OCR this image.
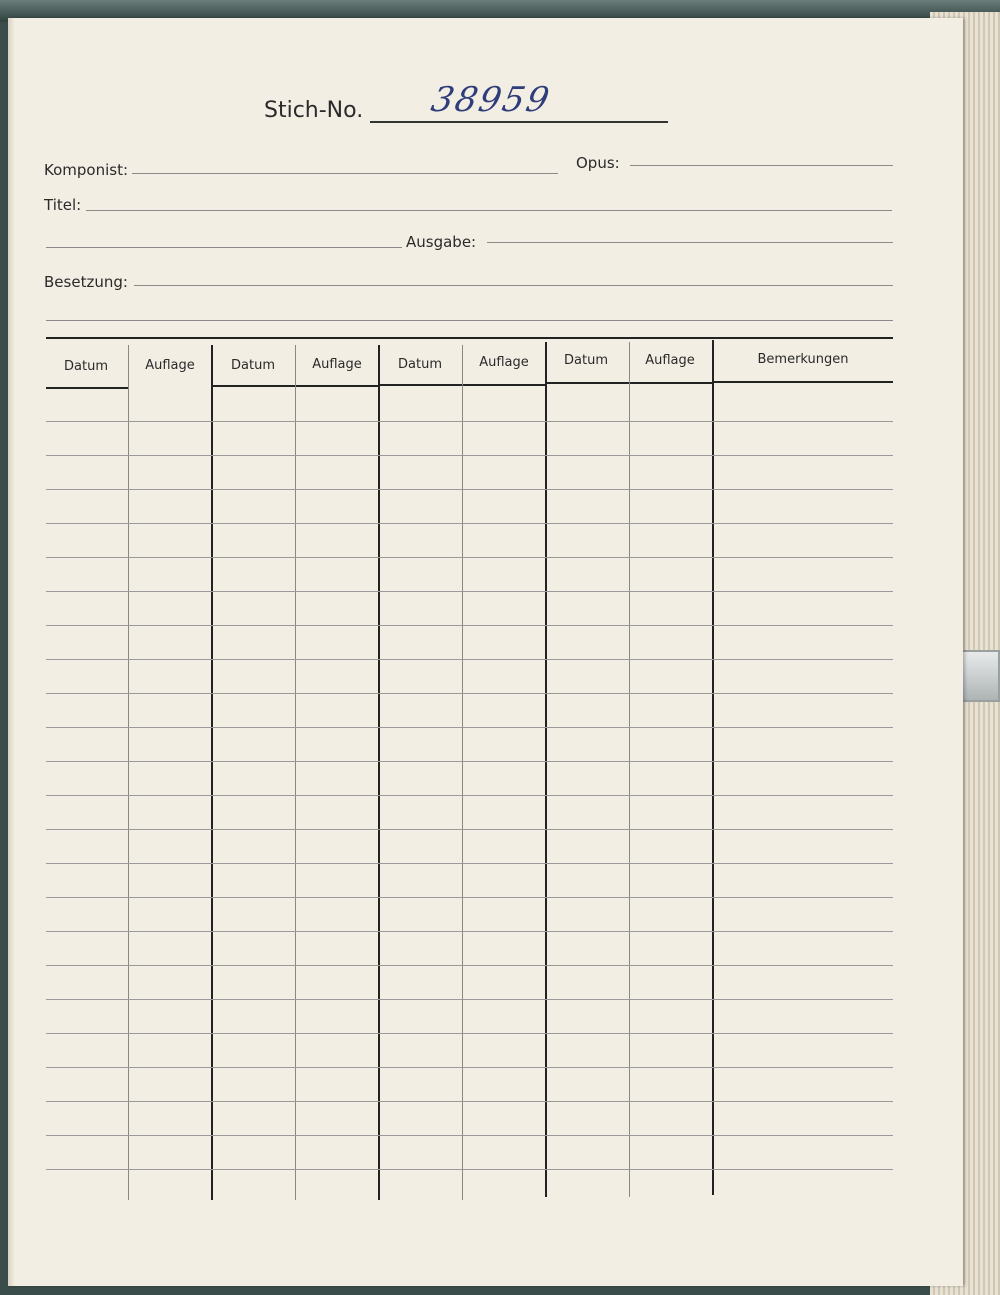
Stich-No. 38959
Komponist:	Opus:
Titel:
Ausgabe:
Besetzung:
Datum	Auflage	Datum	Auflage	Datum	Auflage	Datum	Auflage	Bemerkungen
